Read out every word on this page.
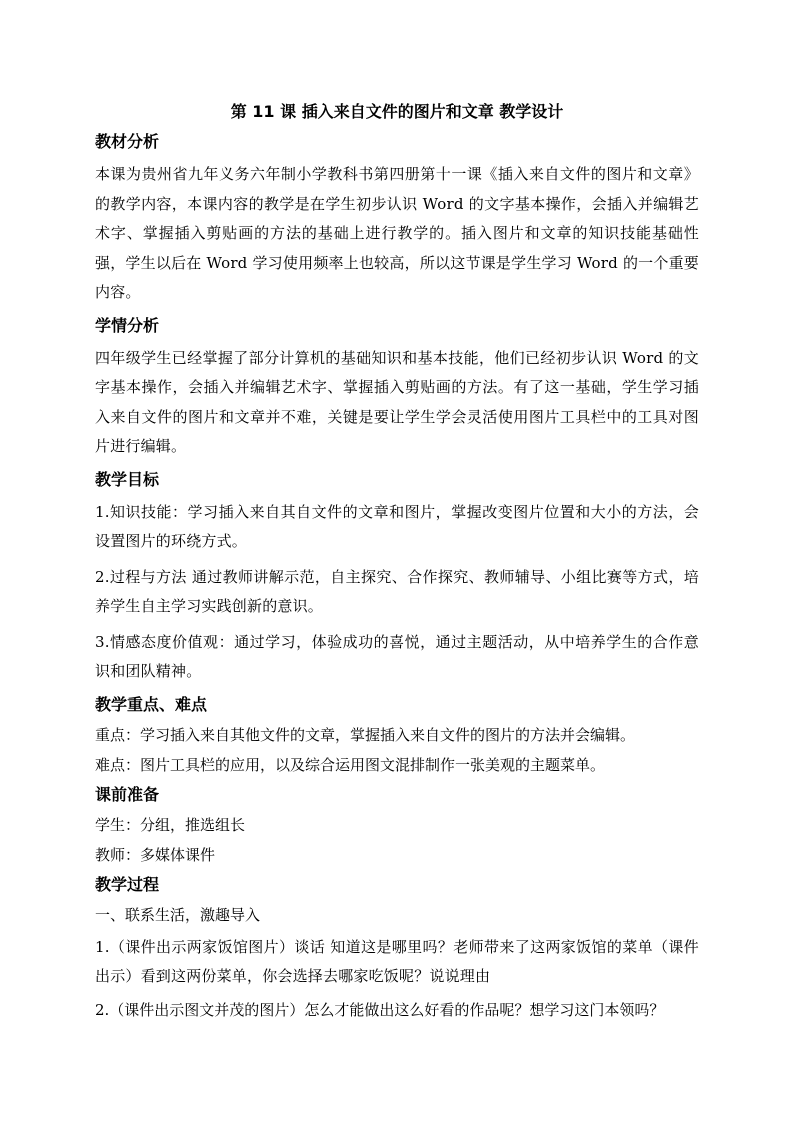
第 11 课 插入来自文件的图片和文章 教学设计
教材分析
本课为贵州省九年义务六年制小学教科书第四册第十一课《插入来自文件的图片和文章》的教学内容，本课内容的教学是在学生初步认识 Word 的文字基本操作，会插入并编辑艺术字、掌握插入剪贴画的方法的基础上进行教学的。插入图片和文章的知识技能基础性强，学生以后在 Word 学习使用频率上也较高，所以这节课是学生学习 Word 的一个重要内容。
学情分析
四年级学生已经掌握了部分计算机的基础知识和基本技能，他们已经初步认识 Word 的文字基本操作，会插入并编辑艺术字、掌握插入剪贴画的方法。有了这一基础，学生学习插入来自文件的图片和文章并不难，关键是要让学生学会灵活使用图片工具栏中的工具对图片进行编辑。
教学目标
1.知识技能：学习插入来自其自文件的文章和图片，掌握改变图片位置和大小的方法，会设置图片的环绕方式。
2.过程与方法 通过教师讲解示范，自主探究、合作探究、教师辅导、小组比赛等方式，培养学生自主学习实践创新的意识。
3.情感态度价值观：通过学习，体验成功的喜悦，通过主题活动，从中培养学生的合作意识和团队精神。
教学重点、难点
重点：学习插入来自其他文件的文章，掌握插入来自文件的图片的方法并会编辑。
难点：图片工具栏的应用，以及综合运用图文混排制作一张美观的主题菜单。
课前准备
学生：分组，推选组长
教师：多媒体课件
教学过程
一、联系生活，激趣导入
1.（课件出示两家饭馆图片）谈话 知道这是哪里吗？老师带来了这两家饭馆的菜单（课件出示）看到这两份菜单，你会选择去哪家吃饭呢？说说理由
2.（课件出示图文并茂的图片）怎么才能做出这么好看的作品呢？想学习这门本领吗？
